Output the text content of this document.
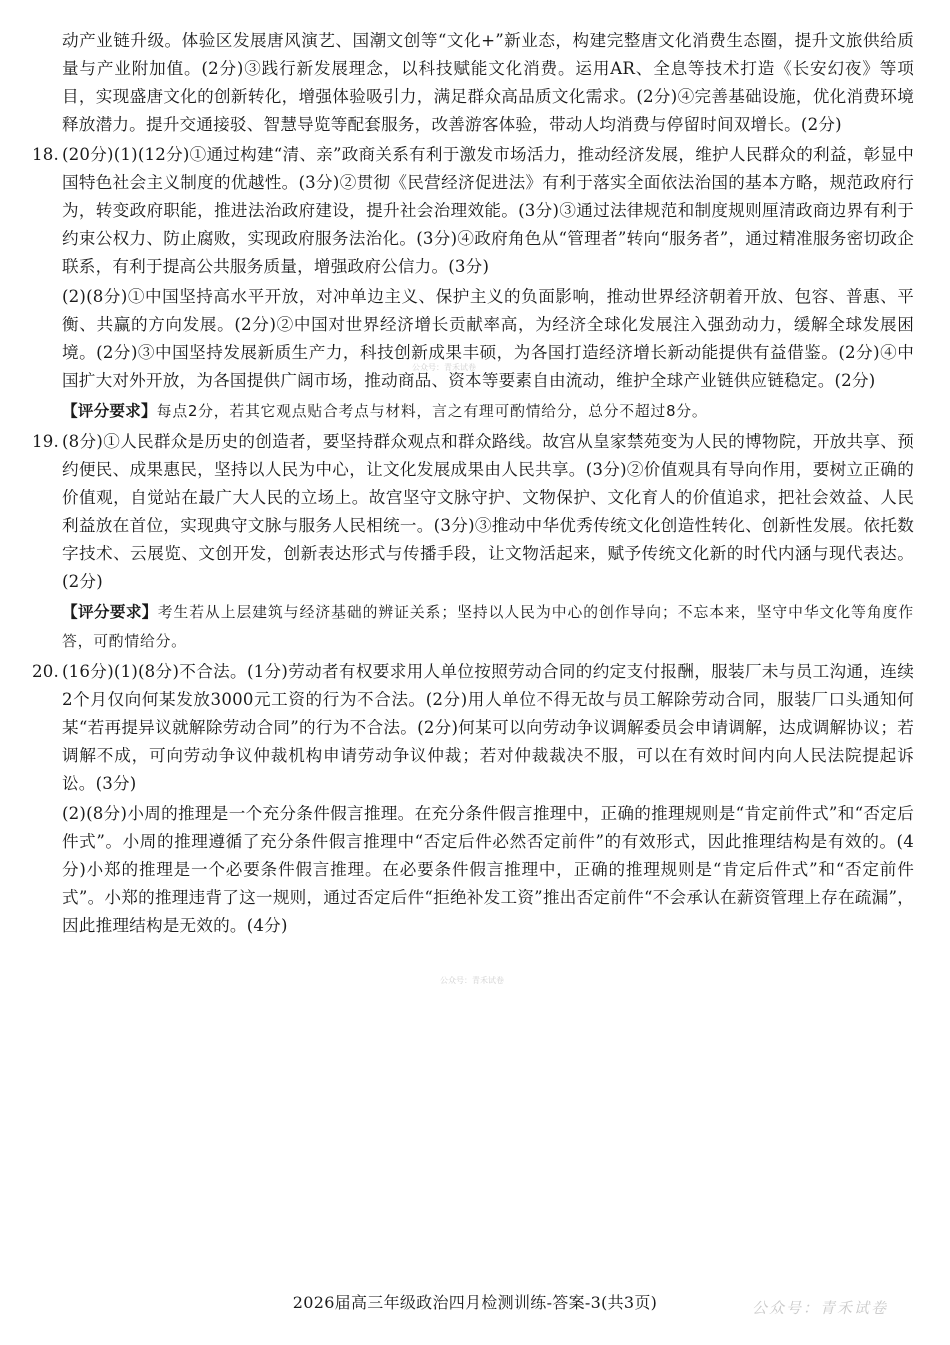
动产业链升级。体验区发展唐风演艺、国潮文创等“文化+”新业态，构建完整唐文化消费生态圈，提升文旅供给质量与产业附加值。(2分)③践行新发展理念，以科技赋能文化消费。运用AR、全息等技术打造《长安幻夜》等项目，实现盛唐文化的创新转化，增强体验吸引力，满足群众高品质文化需求。(2分)④完善基础设施，优化消费环境释放潜力。提升交通接驳、智慧导览等配套服务，改善游客体验，带动人均消费与停留时间双增长。(2分)

18. (20分)(1)(12分)①通过构建“清、亲”政商关系有利于激发市场活力，推动经济发展，维护人民群众的利益，彰显中国特色社会主义制度的优越性。(3分)②贯彻《民营经济促进法》有利于落实全面依法治国的基本方略，规范政府行为，转变政府职能，推进法治政府建设，提升社会治理效能。(3分)③通过法律规范和制度规则厘清政商边界有利于约束公权力、防止腐败，实现政府服务法治化。(3分)④政府角色从“管理者”转向“服务者”，通过精准服务密切政企联系，有利于提高公共服务质量，增强政府公信力。(3分)

(2)(8分)①中国坚持高水平开放，对冲单边主义、保护主义的负面影响，推动世界经济朝着开放、包容、普惠、平衡、共赢的方向发展。(2分)②中国对世界经济增长贡献率高，为经济全球化发展注入强劲动力，缓解全球发展困境。(2分)③中国坚持发展新质生产力，科技创新成果丰硕，为各国打造经济增长新动能提供有益借鉴。(2分)④中国扩大对外开放，为各国提供广阔市场，推动商品、资本等要素自由流动，维护全球产业链供应链稳定。(2分)

【评分要求】每点2分，若其它观点贴合考点与材料，言之有理可酌情给分，总分不超过8分。

19. (8分)①人民群众是历史的创造者，要坚持群众观点和群众路线。故宫从皇家禁苑变为人民的博物院，开放共享、预约便民、成果惠民，坚持以人民为中心，让文化发展成果由人民共享。(3分)②价值观具有导向作用，要树立正确的价值观，自觉站在最广大人民的立场上。故宫坚守文脉守护、文物保护、文化育人的价值追求，把社会效益、人民利益放在首位，实现典守文脉与服务人民相统一。(3分)③推动中华优秀传统文化创造性转化、创新性发展。依托数字技术、云展览、文创开发，创新表达形式与传播手段，让文物活起来，赋予传统文化新的时代内涵与现代表达。(2分)

【评分要求】考生若从上层建筑与经济基础的辨证关系；坚持以人民为中心的创作导向；不忘本来，坚守中华文化等角度作答，可酌情给分。

20. (16分)(1)(8分)不合法。(1分)劳动者有权要求用人单位按照劳动合同的约定支付报酬，服装厂未与员工沟通，连续2个月仅向何某发放3000元工资的行为不合法。(2分)用人单位不得无故与员工解除劳动合同，服装厂口头通知何某“若再提异议就解除劳动合同”的行为不合法。(2分)何某可以向劳动争议调解委员会申请调解，达成调解协议；若调解不成，可向劳动争议仲裁机构申请劳动争议仲裁；若对仲裁裁决不服，可以在有效时间内向人民法院提起诉讼。(3分)

(2)(8分)小周的推理是一个充分条件假言推理。在充分条件假言推理中，正确的推理规则是“肯定前件式”和“否定后件式”。小周的推理遵循了充分条件假言推理中“否定后件必然否定前件”的有效形式，因此推理结构是有效的。(4分)小郑的推理是一个必要条件假言推理。在必要条件假言推理中，正确的推理规则是“肯定后件式”和“否定前件式”。小郑的推理违背了这一规则，通过否定后件“拒绝补发工资”推出否定前件“不会承认在薪资管理上存在疏漏”，因此推理结构是无效的。(4分)

公众号：青禾试卷
公众号：青禾试卷
2026届高三年级政治四月检测训练-答案-3(共3页)	公众号：青禾试卷
